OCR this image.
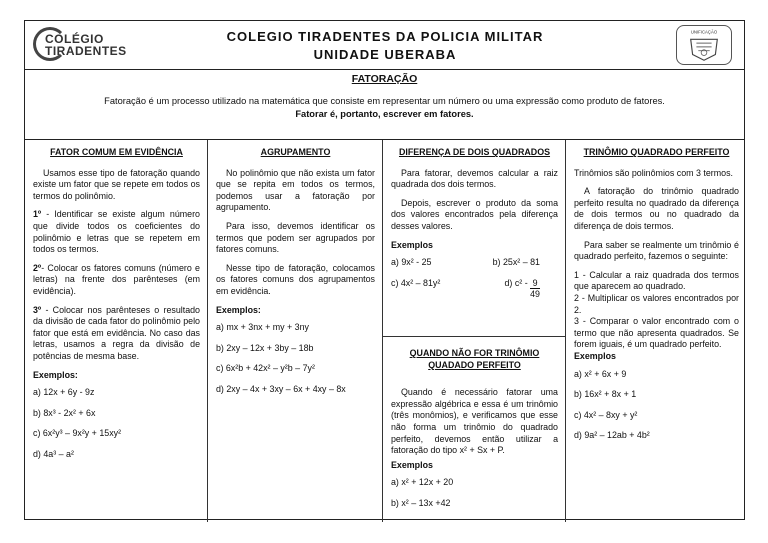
COLÉGIO
TIRADENTES
COLEGIO TIRADENTES DA POLICIA MILITAR
UNIDADE UBERABA
UNIFICAÇÃO
FATORAÇÃO
Fatoração é um processo utilizado na matemática que consiste em representar um número ou uma expressão como produto de fatores.
Fatorar é, portanto, escrever em fatores.
FATOR COMUM EM EVIDÊNCIA

Usamos esse tipo de fatoração quando existe um fator que se repete em todos os termos do polinômio.

1º - Identificar se existe algum número que divide todos os coeficientes do polinômio e letras que se repetem em todos os termos.

2º- Colocar os fatores comuns (número e letras) na frente dos parênteses (em evidência).

3º - Colocar nos parênteses o resultado da divisão de cada fator do polinômio pelo fator que está em evidência. No caso das letras, usamos a regra da divisão de potências de mesma base.

Exemplos:
a) 12x + 6y - 9z
b) 8x³ - 2x² + 6x
c) 6x²y³ – 9x²y + 15xy²
d) 4a³ – a²
AGRUPAMENTO

No polinômio que não exista um fator que se repita em todos os termos, podemos usar a fatoração por agrupamento.

Para isso, devemos identificar os termos que podem ser agrupados por fatores comuns.

Nesse tipo de fatoração, colocamos os fatores comuns dos agrupamentos em evidência.

Exemplos:
a) mx + 3nx + my + 3ny
b) 2xy – 12x + 3by – 18b
c) 6x²b + 42x² – y²b – 7y²
d) 2xy – 4x + 3xy – 6x + 4xy – 8x
DIFERENÇA DE DOIS QUADRADOS

Para fatorar, devemos calcular a raiz quadrada dos dois termos.

Depois, escrever o produto da soma dos valores encontrados pela diferença desses valores.

Exemplos
a) 9x² - 25	b) 25x² – 81
c) 4x² – 81y²	d) $c^2 - \frac{9}{49}$
QUANDO NÃO FOR TRINÔMIO QUADADO PERFEITO

Quando é necessário fatorar uma expressão algébrica e essa é um trinômio (três monômios), e verificamos que esse não forma um trinômio do quadrado perfeito, devemos então utilizar a fatoração do tipo x² + Sx + P.

Exemplos
a) x² + 12x + 20
b) x² – 13x +42
TRINÔMIO QUADRADO PERFEITO

Trinômios são polinômios com 3 termos.

A fatoração do trinômio quadrado perfeito resulta no quadrado da diferença de dois termos ou no quadrado da diferença de dois termos.

Para saber se realmente um trinômio é quadrado perfeito, fazemos o seguinte:

1 - Calcular a raiz quadrada dos termos que aparecem ao quadrado.

2 - Multiplicar os valores encontrados por 2.

3 - Comparar o valor encontrado com o termo que não apresenta quadrados. Se forem iguais, é um quadrado perfeito.

Exemplos
a) x² + 6x + 9
b) 16x² + 8x + 1
c) 4x² – 8xy + y²
d) 9a² – 12ab + 4b²
